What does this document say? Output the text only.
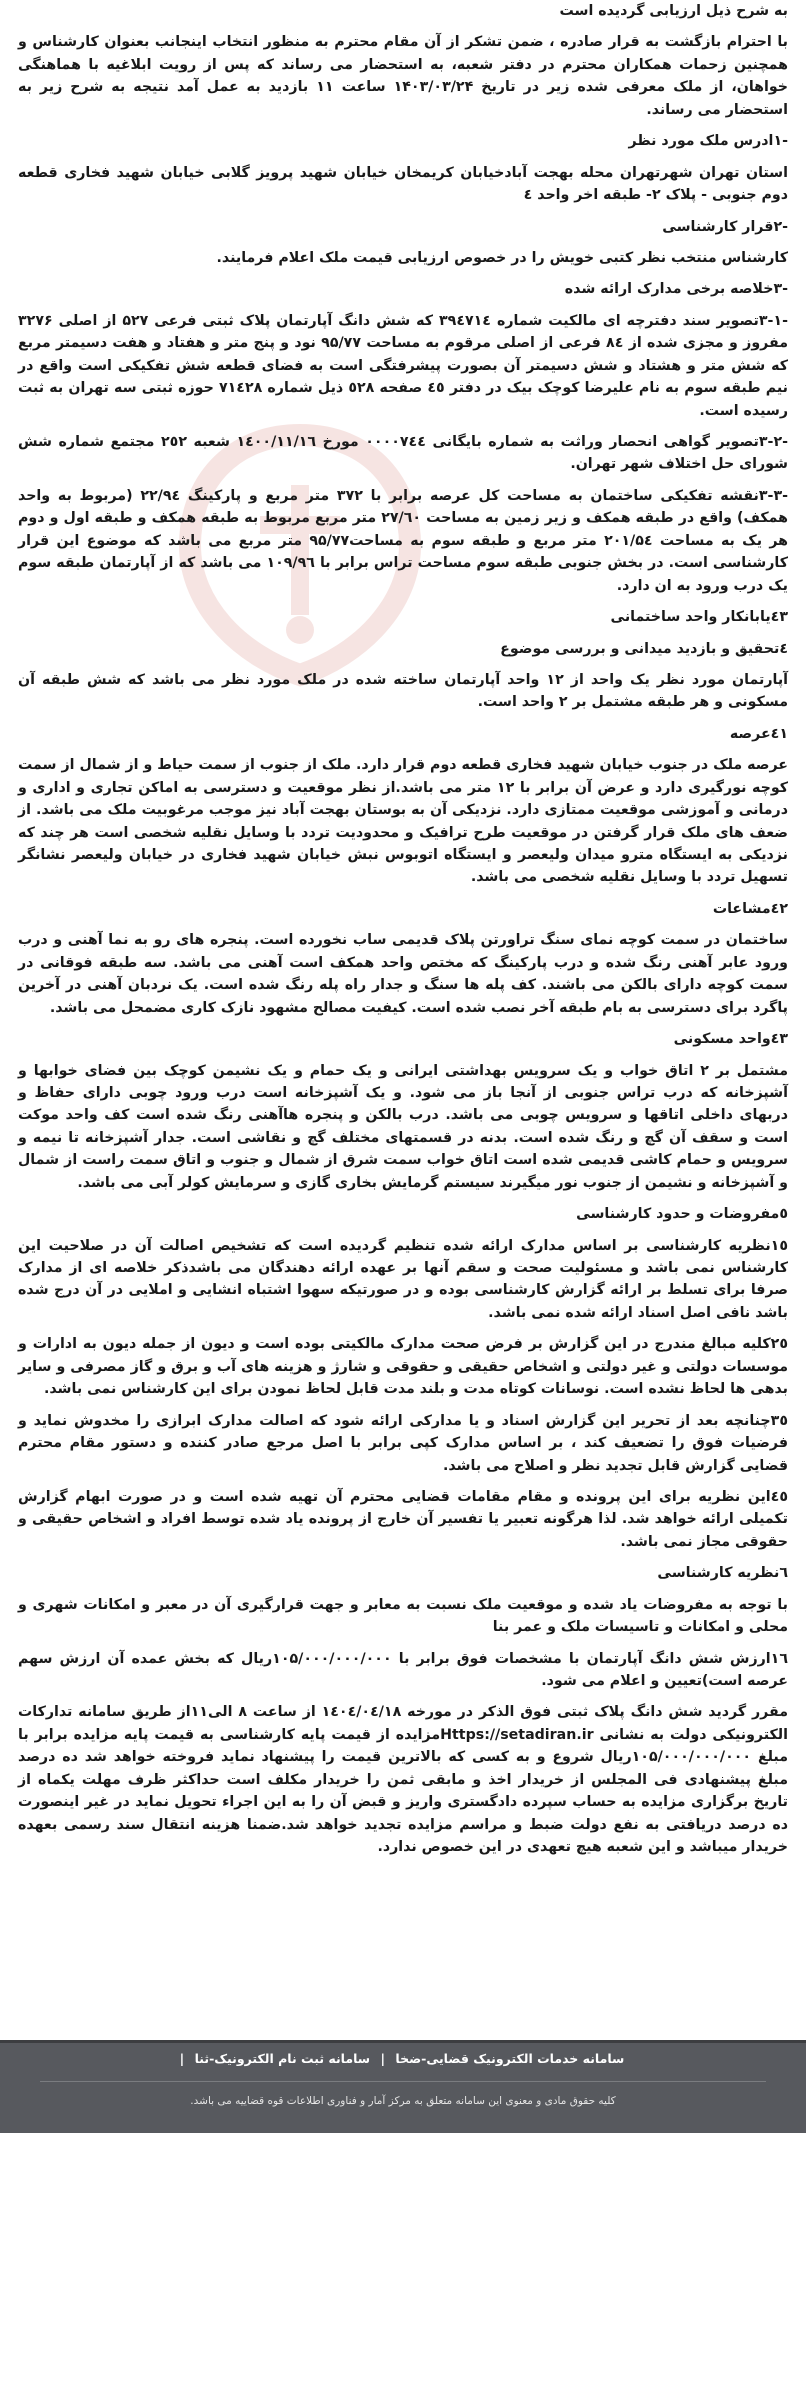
به شرح ذیل ارزیابی گردیده است

با احترام بازگشت به قرار صادره ، ضمن تشکر از آن مقام محترم به منظور انتخاب اینجانب بعنوان کارشناس و همچنین زحمات همکاران محترم در دفتر شعبه، به استحضار می رساند که پس از رویت ابلاغیه با هماهنگی خواهان، از ملک معرفی شده زیر در تاریخ ۱۴۰۳/۰۳/۲۴ ساعت ۱۱ بازدید به عمل آمد نتیجه به شرح زیر به استحضار می رساند.

-۱ادرس ملک مورد نظر

استان تهران شهرتهران محله بهجت آبادخیابان کریمخان خیابان شهید پرویز گلابی خیابان شهید فخاری قطعه دوم جنوبی - پلاک ۲- طبقه اخر واحد ٤

-۲قرار کارشناسی

کارشناس منتخب نظر کتبی خویش را در خصوص ارزیابی قیمت ملک اعلام فرمایند.

-۳خلاصه برخی مدارک ارائه شده

-۳-۱تصویر سند دفترچه ای مالکیت شماره ۳۹٤۷۱٤ که شش دانگ آپارتمان پلاک ثبتی فرعی ۵۲۷ از اصلی ۳۲۷۶ مفروز و مجزی شده از ۸٤ فرعی از اصلی مرقوم به مساحت ۹۵/۷۷ نود و پنج متر و هفتاد و هفت دسیمتر مربع که شش متر و هشتاد و شش دسیمتر آن بصورت پیشرفتگی است به فضای قطعه شش تفکیکی است واقع در نیم طبقه سوم به نام علیرضا کوچک بیک در دفتر ٤٥ صفحه ٥٢٨ ذیل شماره ۷۱٤۲۸ حوزه ثبتی سه تهران به ثبت رسیده است.

-۳-۲تصویر گواهی انحصار وراثت به شماره بایگانی ۰۰۰۰۷٤٤ مورخ ۱٤۰۰/۱۱/۱٦ شعبه ۲٥۲ مجتمع شماره شش شورای حل اختلاف شهر تهران.

-۳-۳نقشه تفکیکی ساختمان به مساحت کل عرصه برابر با ۳۷۲ متر مربع و پارکینگ ۲۲/۹٤ (مربوط به واحد همکف) واقع در طبقه همکف و زیر زمین به مساحت ۲۷/٦۰ متر مربع مربوط به طبقه همکف و طبقه اول و دوم هر یک به مساحت ۲۰۱/۵٤ متر مربع و طبقه سوم به مساحت۹۵/۷۷ متر مربع می باشد که موضوع این قرار کارشناسی است. در بخش جنوبی طبقه سوم مساحت تراس برابر با ۱۰۹/۹٦ می باشد که از آپارتمان طبقه سوم یک درب ورود به ان دارد.

٤۳یابانکار واحد ساختمانی

٤تحقیق و بازدید میدانی و بررسی موضوع

آپارتمان مورد نظر یک واحد از ۱۲ واحد آپارتمان ساخته شده در ملک مورد نظر می باشد که شش طبقه آن مسکونی و هر طبقه مشتمل بر ۲ واحد است.

٤۱عرصه

عرصه ملک در جنوب خیابان شهید فخاری قطعه دوم قرار دارد. ملک از جنوب از سمت حیاط و از شمال از سمت کوچه نورگیری دارد و عرض آن برابر با ۱۲ متر می باشد.از نظر موقعیت و دسترسی به اماکن تجاری و اداری و درمانی و آموزشی موقعیت ممتازی دارد. نزدیکی آن به بوستان بهجت آباد نیز موجب مرغوبیت ملک می باشد. از ضعف های ملک قرار گرفتن در موقعیت طرح ترافیک و محدودیت تردد با وسایل نقلیه شخصی است هر چند که نزدیکی به ایستگاه مترو میدان ولیعصر و ایستگاه اتوبوس نبش خیابان شهید فخاری در خیابان ولیعصر نشانگر تسهیل تردد با وسایل نقلیه شخصی می باشد.

٤۲مشاعات

ساختمان در سمت کوچه نمای سنگ تراورتن پلاک قدیمی ساب نخورده است. پنجره های رو به نما آهنی و درب ورود عابر آهنی رنگ شده و درب پارکینگ که مختص واحد همکف است آهنی می باشد. سه طبقه فوقانی در سمت کوچه دارای بالکن می باشند. کف پله ها سنگ و جدار راه پله رنگ شده است. یک نردبان آهنی در آخرین پاگرد برای دسترسی به بام طبقه آخر نصب شده است. کیفیت مصالح مشهود نازک کاری مضمحل می باشد.

٤۳واحد مسکونی

مشتمل بر ۲ اتاق خواب و یک سرویس بهداشتی ایرانی و یک حمام و یک نشیمن کوچک بین فضای خوابها و آشپزخانه که درب تراس جنوبی از آنجا باز می شود. و یک آشپزخانه است درب ورود چوبی دارای حفاظ و دربهای داخلی اتاقها و سرویس چوبی می باشد. درب بالکن و پنجره هاآهنی رنگ شده است کف واحد موکت است و سقف آن گچ و رنگ شده است. بدنه در قسمتهای مختلف گچ و نقاشی است. جدار آشپزخانه تا نیمه و سرویس و حمام کاشی قدیمی شده است اتاق خواب سمت شرق از شمال و جنوب و اتاق سمت راست از شمال و آشپزخانه و نشیمن از جنوب نور میگیرند سیستم گرمایش بخاری گازی و سرمایش کولر آبی می باشد.

٥مفروضات و حدود کارشناسی

۱٥نظریه کارشناسی بر اساس مدارک ارائه شده تنظیم گردیده است که تشخیص اصالت آن در صلاحیت این کارشناس نمی باشد و مسئولیت صحت و سقم آنها بر عهده ارائه دهندگان می باشدذکر خلاصه ای از مدارک صرفا برای تسلط بر ارائه گزارش کارشناسی بوده و در صورتیکه سهوا اشتباه انشایی و املایی در آن درج شده باشد نافی اصل اسناد ارائه شده نمی باشد.

۲٥کلیه مبالغ مندرج در این گزارش بر فرض صحت مدارک مالکیتی بوده است و دیون از جمله دیون به ادارات و موسسات دولتی و غیر دولتی و اشخاص حقیقی و حقوقی و شارژ و هزینه های آب و برق و گاز مصرفی و سایر بدهی ها لحاظ نشده است. نوسانات کوتاه مدت و بلند مدت قابل لحاظ نمودن برای این کارشناس نمی باشد.

۳٥چنانچه بعد از تحریر این گزارش اسناد و یا مدارکی ارائه شود که اصالت مدارک ابرازی را مخدوش نماید و فرضیات فوق را تضعیف کند ، بر اساس مدارک کپی برابر با اصل مرجع صادر کننده و دستور مقام محترم قضایی گزارش قابل تجدید نظر و اصلاح می باشد.

٤٥این نظریه برای این پرونده و مقام مقامات قضایی محترم آن تهیه شده است و در صورت ابهام گزارش تکمیلی ارائه خواهد شد. لذا هرگونه تعبیر یا تفسیر آن خارج از پرونده یاد شده توسط افراد و اشخاص حقیقی و حقوقی مجاز نمی باشد.

٦نظریه کارشناسی

با توجه به مفروضات یاد شده و موقعیت ملک نسبت به معابر و جهت قرارگیری آن در معبر و امکانات شهری و محلی و امکانات و تاسیسات ملک و عمر بنا

۱٦ارزش شش دانگ آپارتمان با مشخصات فوق برابر با ۱۰۵/۰۰۰/۰۰۰/۰۰۰ریال که بخش عمده آن ارزش سهم عرصه است)تعیین و اعلام می شود.

مقرر گردید شش دانگ پلاک ثبتی فوق الذکر در مورخه ۱٤۰٤/۰٤/۱۸ از ساعت ۸ الی۱۱از طریق سامانه تدارکات الکترونیکی دولت به نشانی Https://setadiran.irمزایده از قیمت پایه کارشناسی به قیمت پایه مزایده برابر با مبلغ ۱۰۵/۰۰۰/۰۰۰/۰۰۰ریال شروع و به کسی که بالاترین قیمت را پیشنهاد نماید فروخته خواهد شد ده درصد مبلغ پیشنهادی فی المجلس از خریدار اخذ و مابقی ثمن را خریدار مکلف است حداکثر ظرف مهلت یکماه از تاریخ برگزاری مزایده به حساب سپرده دادگستری واریز و قبض آن را به این اجراء تحویل نماید در غیر اینصورت ده درصد دریافتی به نفع دولت ضبط و مراسم مزایده تجدید خواهد شد.ضمنا هزینه انتقال سند رسمی بعهده خریدار میباشد و این شعبه هیچ تعهدی در این خصوص ندارد.

سامانه خدمات الکترونیک قضایی-ضخا | سامانه ثبت نام الکترونیک-ثنا |
کلیه حقوق مادی و معنوی این سامانه متعلق به مرکز آمار و فناوری اطلاعات قوه قضاییه می باشد.
